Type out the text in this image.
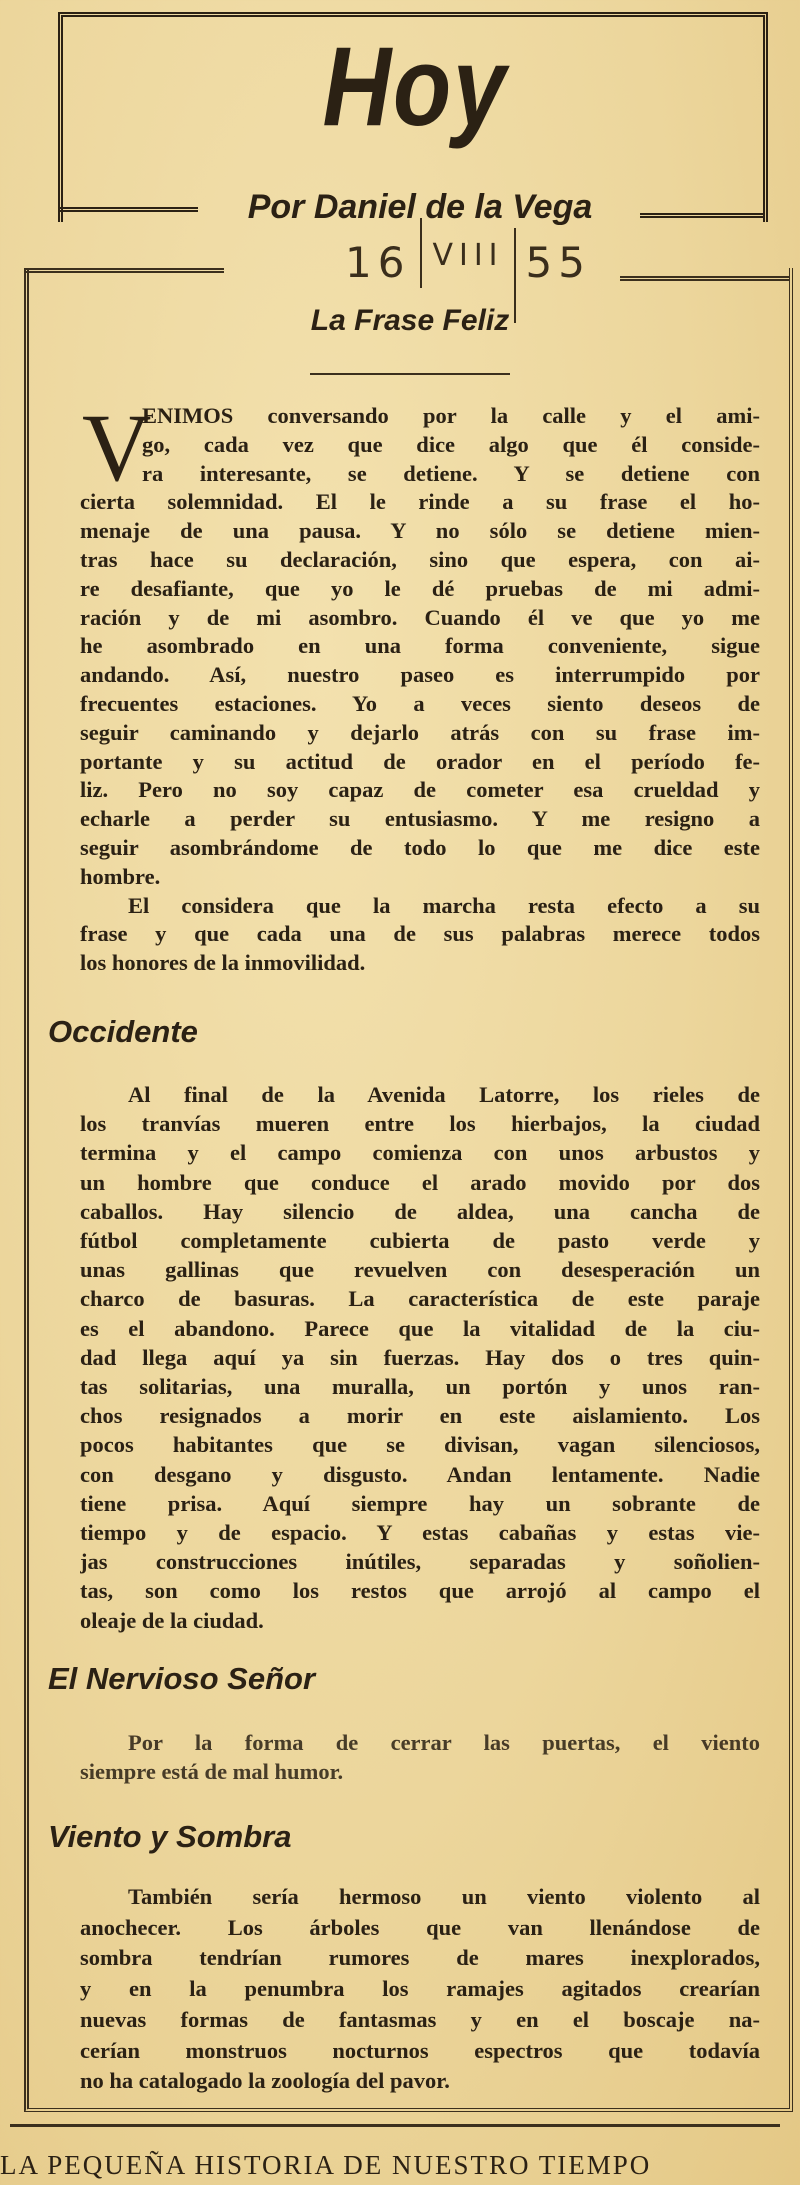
Hoy
Por Daniel de la Vega
16 VIII 55
La Frase Feliz
V
ENIMOS conversando por la calle y el ami-
go, cada vez que dice algo que él conside-
ra interesante, se detiene. Y se detiene con
cierta solemnidad. El le rinde a su frase el ho-
menaje de una pausa. Y no sólo se detiene mien-
tras hace su declaración, sino que espera, con ai-
re desafiante, que yo le dé pruebas de mi admi-
ración y de mi asombro. Cuando él ve que yo me
he asombrado en una forma conveniente, sigue
andando. Así, nuestro paseo es interrumpido por
frecuentes estaciones. Yo a veces siento deseos de
seguir caminando y dejarlo atrás con su frase im-
portante y su actitud de orador en el período fe-
liz. Pero no soy capaz de cometer esa crueldad y
echarle a perder su entusiasmo. Y me resigno a
seguir asombrándome de todo lo que me dice este
hombre.
El considera que la marcha resta efecto a su
frase y que cada una de sus palabras merece todos
los honores de la inmovilidad.
Occidente
Al final de la Avenida Latorre, los rieles de
los tranvías mueren entre los hierbajos, la ciudad
termina y el campo comienza con unos arbustos y
un hombre que conduce el arado movido por dos
caballos. Hay silencio de aldea, una cancha de
fútbol completamente cubierta de pasto verde y
unas gallinas que revuelven con desesperación un
charco de basuras. La característica de este paraje
es el abandono. Parece que la vitalidad de la ciu-
dad llega aquí ya sin fuerzas. Hay dos o tres quin-
tas solitarias, una muralla, un portón y unos ran-
chos resignados a morir en este aislamiento. Los
pocos habitantes que se divisan, vagan silenciosos,
con desgano y disgusto. Andan lentamente. Nadie
tiene prisa. Aquí siempre hay un sobrante de
tiempo y de espacio. Y estas cabañas y estas vie-
jas construcciones inútiles, separadas y soñolien-
tas, son como los restos que arrojó al campo el
oleaje de la ciudad.
El Nervioso Señor
Por la forma de cerrar las puertas, el viento
siempre está de mal humor.
Viento y Sombra
También sería hermoso un viento violento al
anochecer. Los árboles que van llenándose de
sombra tendrían rumores de mares inexplorados,
y en la penumbra los ramajes agitados crearían
nuevas formas de fantasmas y en el boscaje na-
cerían monstruos nocturnos espectros que todavía
no ha catalogado la zoología del pavor.
LA PEQUEÑA HISTORIA DE NUESTRO TIEMPO
